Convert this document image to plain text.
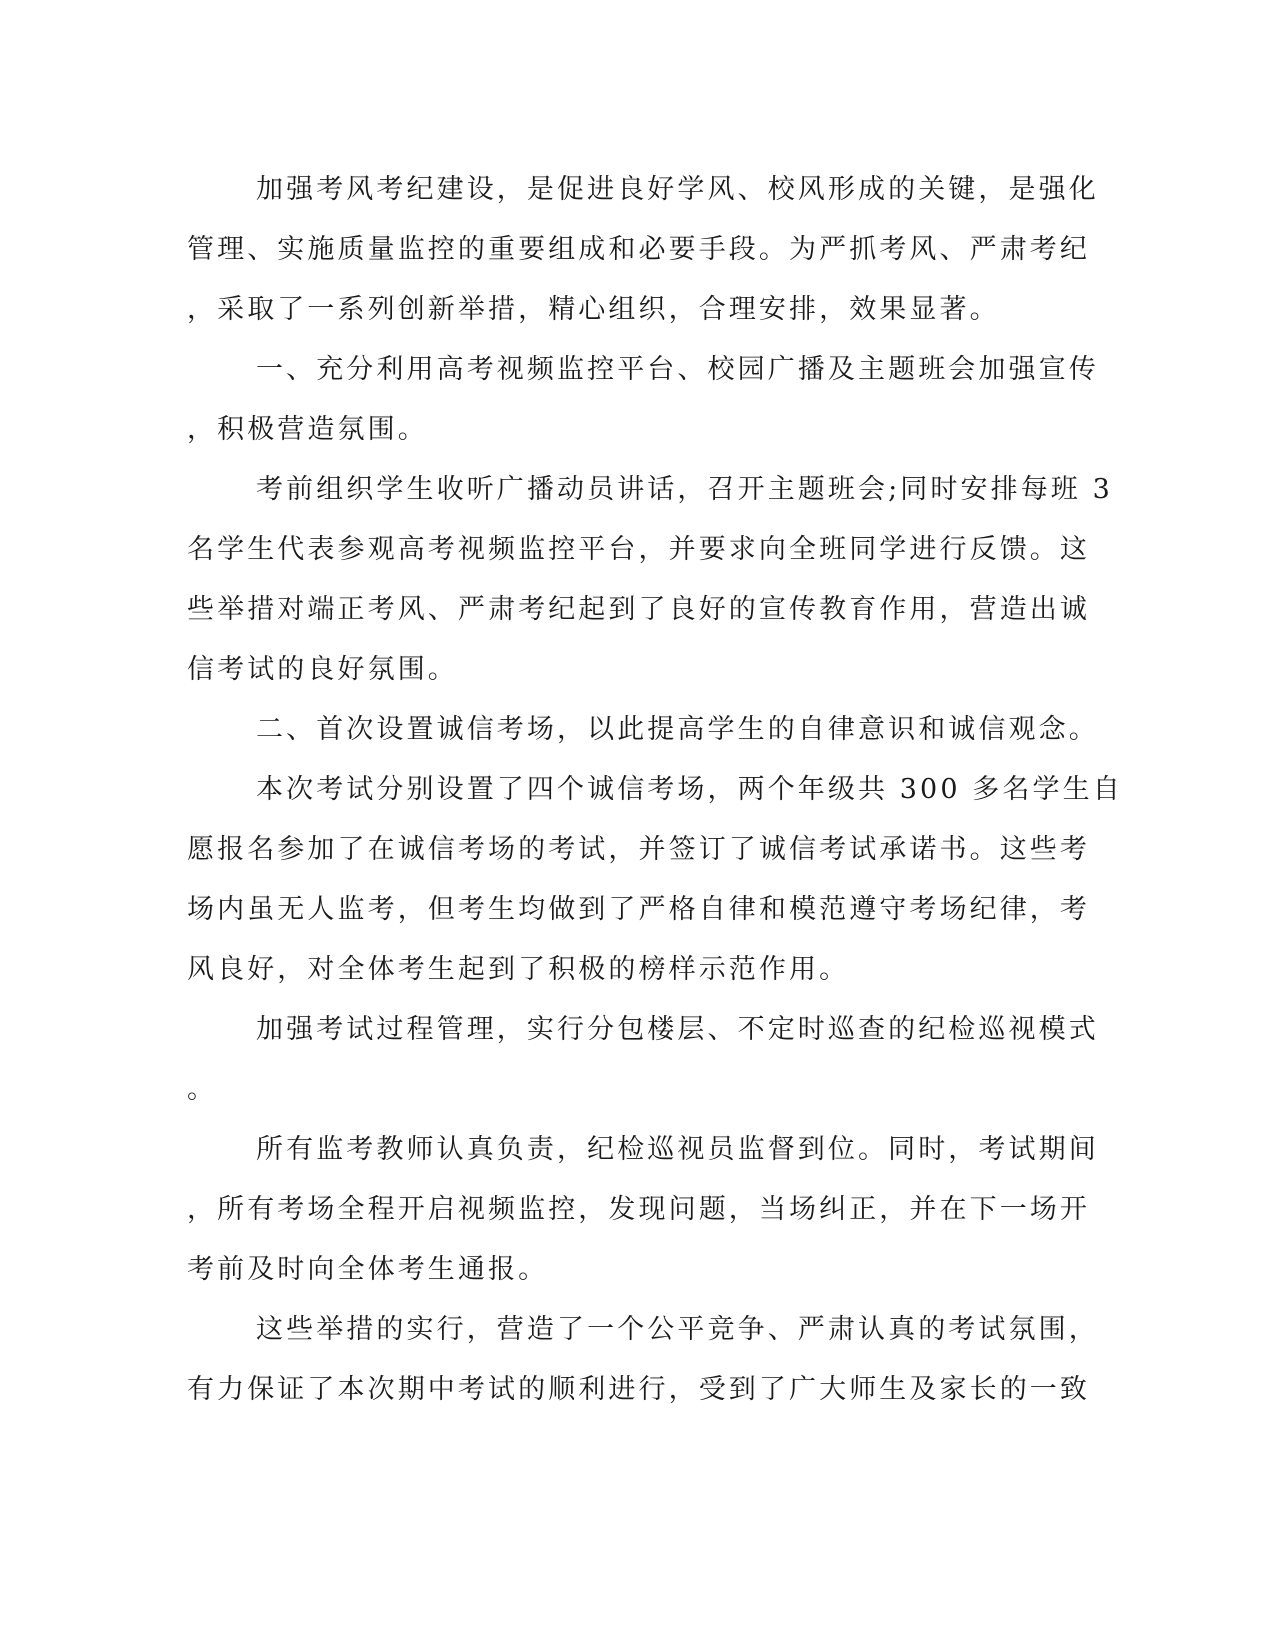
加强考风考纪建设，是促进良好学风、校风形成的关键，是强化
管理、实施质量监控的重要组成和必要手段。为严抓考风、严肃考纪
，采取了一系列创新举措，精心组织，合理安排，效果显著。
一、充分利用高考视频监控平台、校园广播及主题班会加强宣传
，积极营造氛围。
考前组织学生收听广播动员讲话，召开主题班会;同时安排每班 3
名学生代表参观高考视频监控平台，并要求向全班同学进行反馈。这
些举措对端正考风、严肃考纪起到了良好的宣传教育作用，营造出诚
信考试的良好氛围。
二、首次设置诚信考场，以此提高学生的自律意识和诚信观念。
本次考试分别设置了四个诚信考场，两个年级共 300 多名学生自
愿报名参加了在诚信考场的考试，并签订了诚信考试承诺书。这些考
场内虽无人监考，但考生均做到了严格自律和模范遵守考场纪律，考
风良好，对全体考生起到了积极的榜样示范作用。
加强考试过程管理，实行分包楼层、不定时巡查的纪检巡视模式
。
所有监考教师认真负责，纪检巡视员监督到位。同时，考试期间
，所有考场全程开启视频监控，发现问题，当场纠正，并在下一场开
考前及时向全体考生通报。
这些举措的实行，营造了一个公平竞争、严肃认真的考试氛围，
有力保证了本次期中考试的顺利进行，受到了广大师生及家长的一致
